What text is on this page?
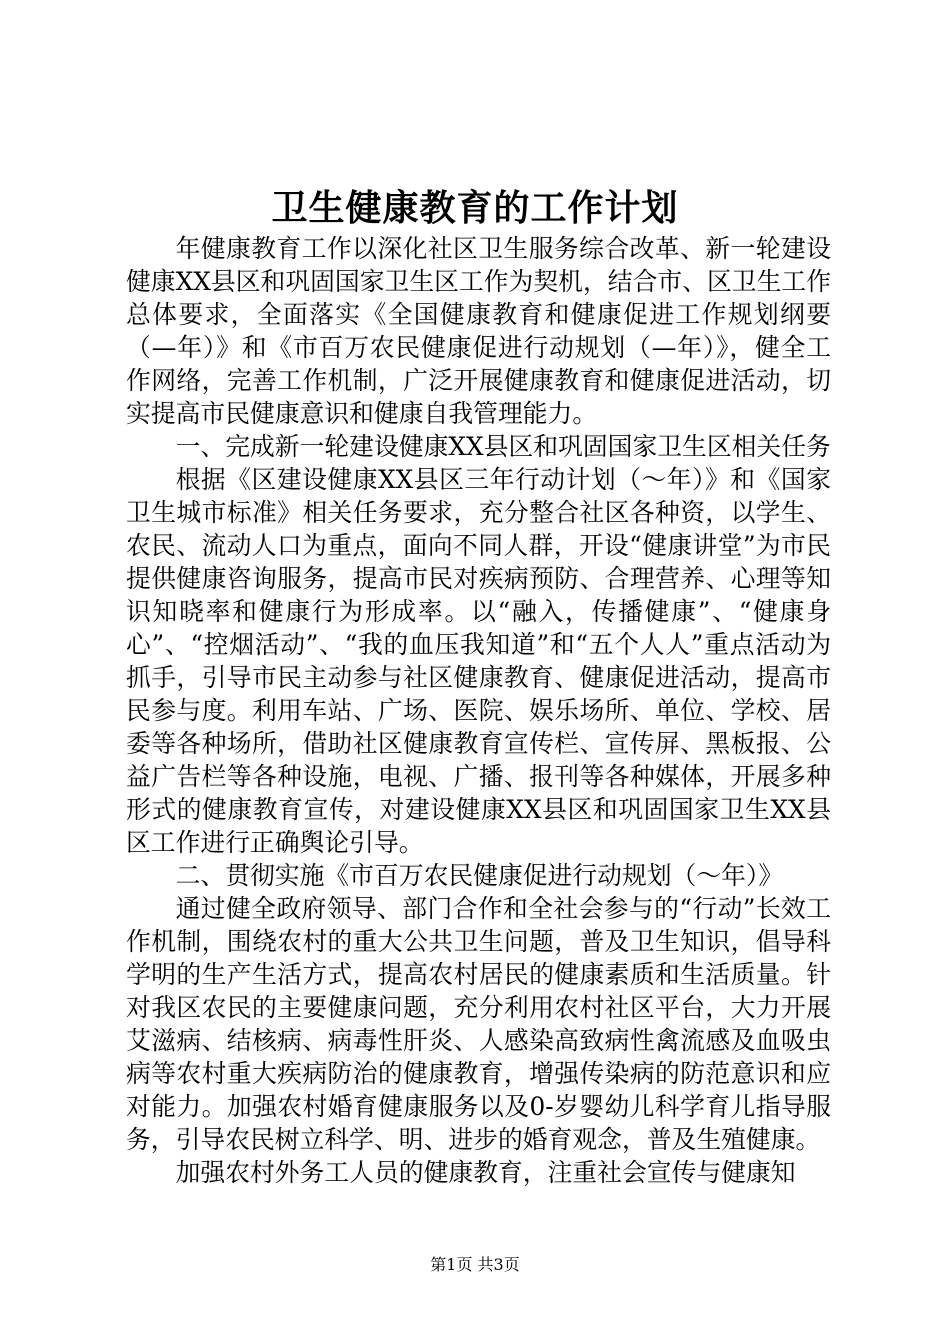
卫生健康教育的工作计划

年健康教育工作以深化社区卫生服务综合改革、新一轮建设健康XX县区和巩固国家卫生区工作为契机，结合市、区卫生工作总体要求，全面落实《全国健康教育和健康促进工作规划纲要（—年）》和《市百万农民健康促进行动规划（—年）》，健全工作网络，完善工作机制，广泛开展健康教育和健康促进活动，切实提高市民健康意识和健康自我管理能力。

一、完成新一轮建设健康XX县区和巩固国家卫生区相关任务

根据《区建设健康XX县区三年行动计划（～年）》和《国家卫生城市标准》相关任务要求，充分整合社区各种资，以学生、农民、流动人口为重点，面向不同人群，开设“健康讲堂”为市民提供健康咨询服务，提高市民对疾病预防、合理营养、心理等知识知晓率和健康行为形成率。以“融入，传播健康”、“健康身心”、“控烟活动”、“我的血压我知道”和“五个人人”重点活动为抓手，引导市民主动参与社区健康教育、健康促进活动，提高市民参与度。利用车站、广场、医院、娱乐场所、单位、学校、居委等各种场所，借助社区健康教育宣传栏、宣传屏、黑板报、公益广告栏等各种设施，电视、广播、报刊等各种媒体，开展多种形式的健康教育宣传，对建设健康XX县区和巩固国家卫生XX县区工作进行正确舆论引导。

二、贯彻实施《市百万农民健康促进行动规划（～年）》

通过健全政府领导、部门合作和全社会参与的“行动”长效工作机制，围绕农村的重大公共卫生问题，普及卫生知识，倡导科学明的生产生活方式，提高农村居民的健康素质和生活质量。针对我区农民的主要健康问题，充分利用农村社区平台，大力开展艾滋病、结核病、病毒性肝炎、人感染高致病性禽流感及血吸虫病等农村重大疾病防治的健康教育，增强传染病的防范意识和应对能力。加强农村婚育健康服务以及0-岁婴幼儿科学育儿指导服务，引导农民树立科学、明、进步的婚育观念，普及生殖健康。

加强农村外务工人员的健康教育，注重社会宣传与健康知

第1页 共3页
